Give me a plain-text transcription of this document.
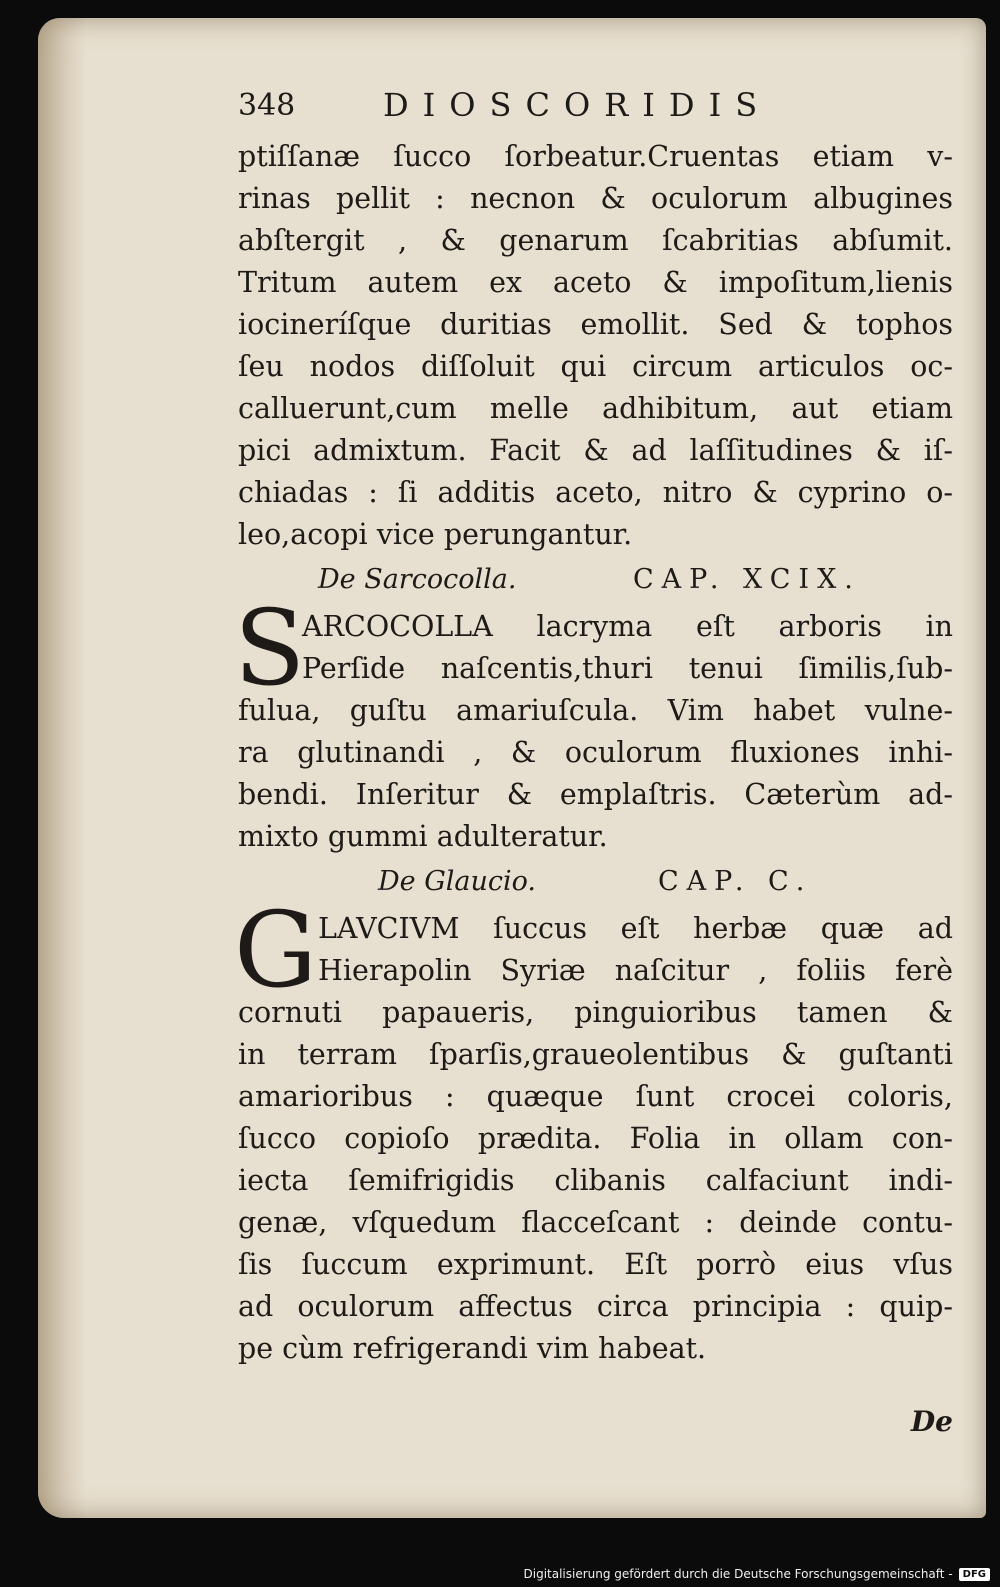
348	DIOSCORIDIS
ptiſſanæ ſucco ſorbeatur.Cruentas etiam v-
rinas pellit : necnon & oculorum albugines
abſtergit , & genarum ſcabritias abſumit.
Tritum autem ex aceto & impoſitum,lienis
iocineríſque duritias emollit. Sed & tophos
ſeu nodos diſſoluit qui circum articulos oc-
calluerunt,cum melle adhibitum, aut etiam
pici admixtum. Facit & ad laſſitudines & iſ-
chiadas : ſi additis aceto, nitro & cyprino o-
leo,acopi vice perungantur.
De Sarcocolla.	CAP. XCIX.
S
ARCOCOLLA lacryma eſt arboris in
Perſide naſcentis,thuri tenui ſimilis,ſub-
fulua, guſtu amariuſcula. Vim habet vulne-
ra glutinandi , & oculorum fluxiones inhi-
bendi. Inſeritur & emplaſtris. Cæterùm ad-
mixto gummi adulteratur.
De Glaucio.	CAP. C.
G LAVCIVM ſuccus eſt herbæ quæ ad
Hierapolin Syriæ naſcitur , foliis ferè
cornuti papaueris, pinguioribus tamen &
in terram ſparſis,graueolentibus & guſtanti
amarioribus : quæque ſunt crocei coloris,
ſucco copioſo prædita. Folia in ollam con-
iecta ſemifrigidis clibanis calfaciunt indi-
genæ, vſquedum flacceſcant : deinde contu-
ſis ſuccum exprimunt. Eſt porrò eius vſus
ad oculorum affectus circa principia : quip-
pe cùm refrigerandi vim habeat.
De
Digitalisierung gefördert durch die Deutsche Forschungsgemeinschaft -	DFG
